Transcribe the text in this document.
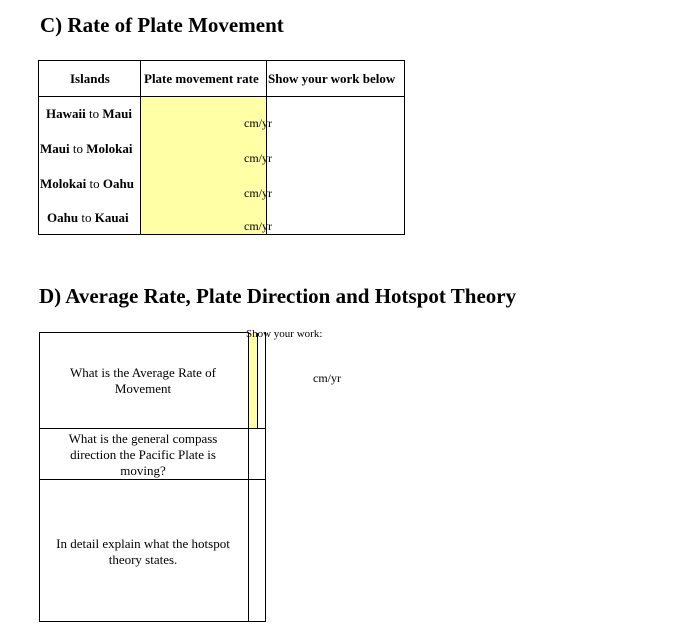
C) Rate of Plate Movement
Islands	Plate movement rate Show your work below
Hawaii to Maui
cm/yr
Maui to Molokai
cm/yr
Molokai to Oahu
cm/yr
Oahu to Kauai
cm/yr
D) Average Rate, Plate Direction and Hotspot Theory
Show your work:
cm/yr
What is the Average Rate of Movement
What is the general compass direction the Pacific Plate is moving?
In detail explain what the hotspot theory states.
